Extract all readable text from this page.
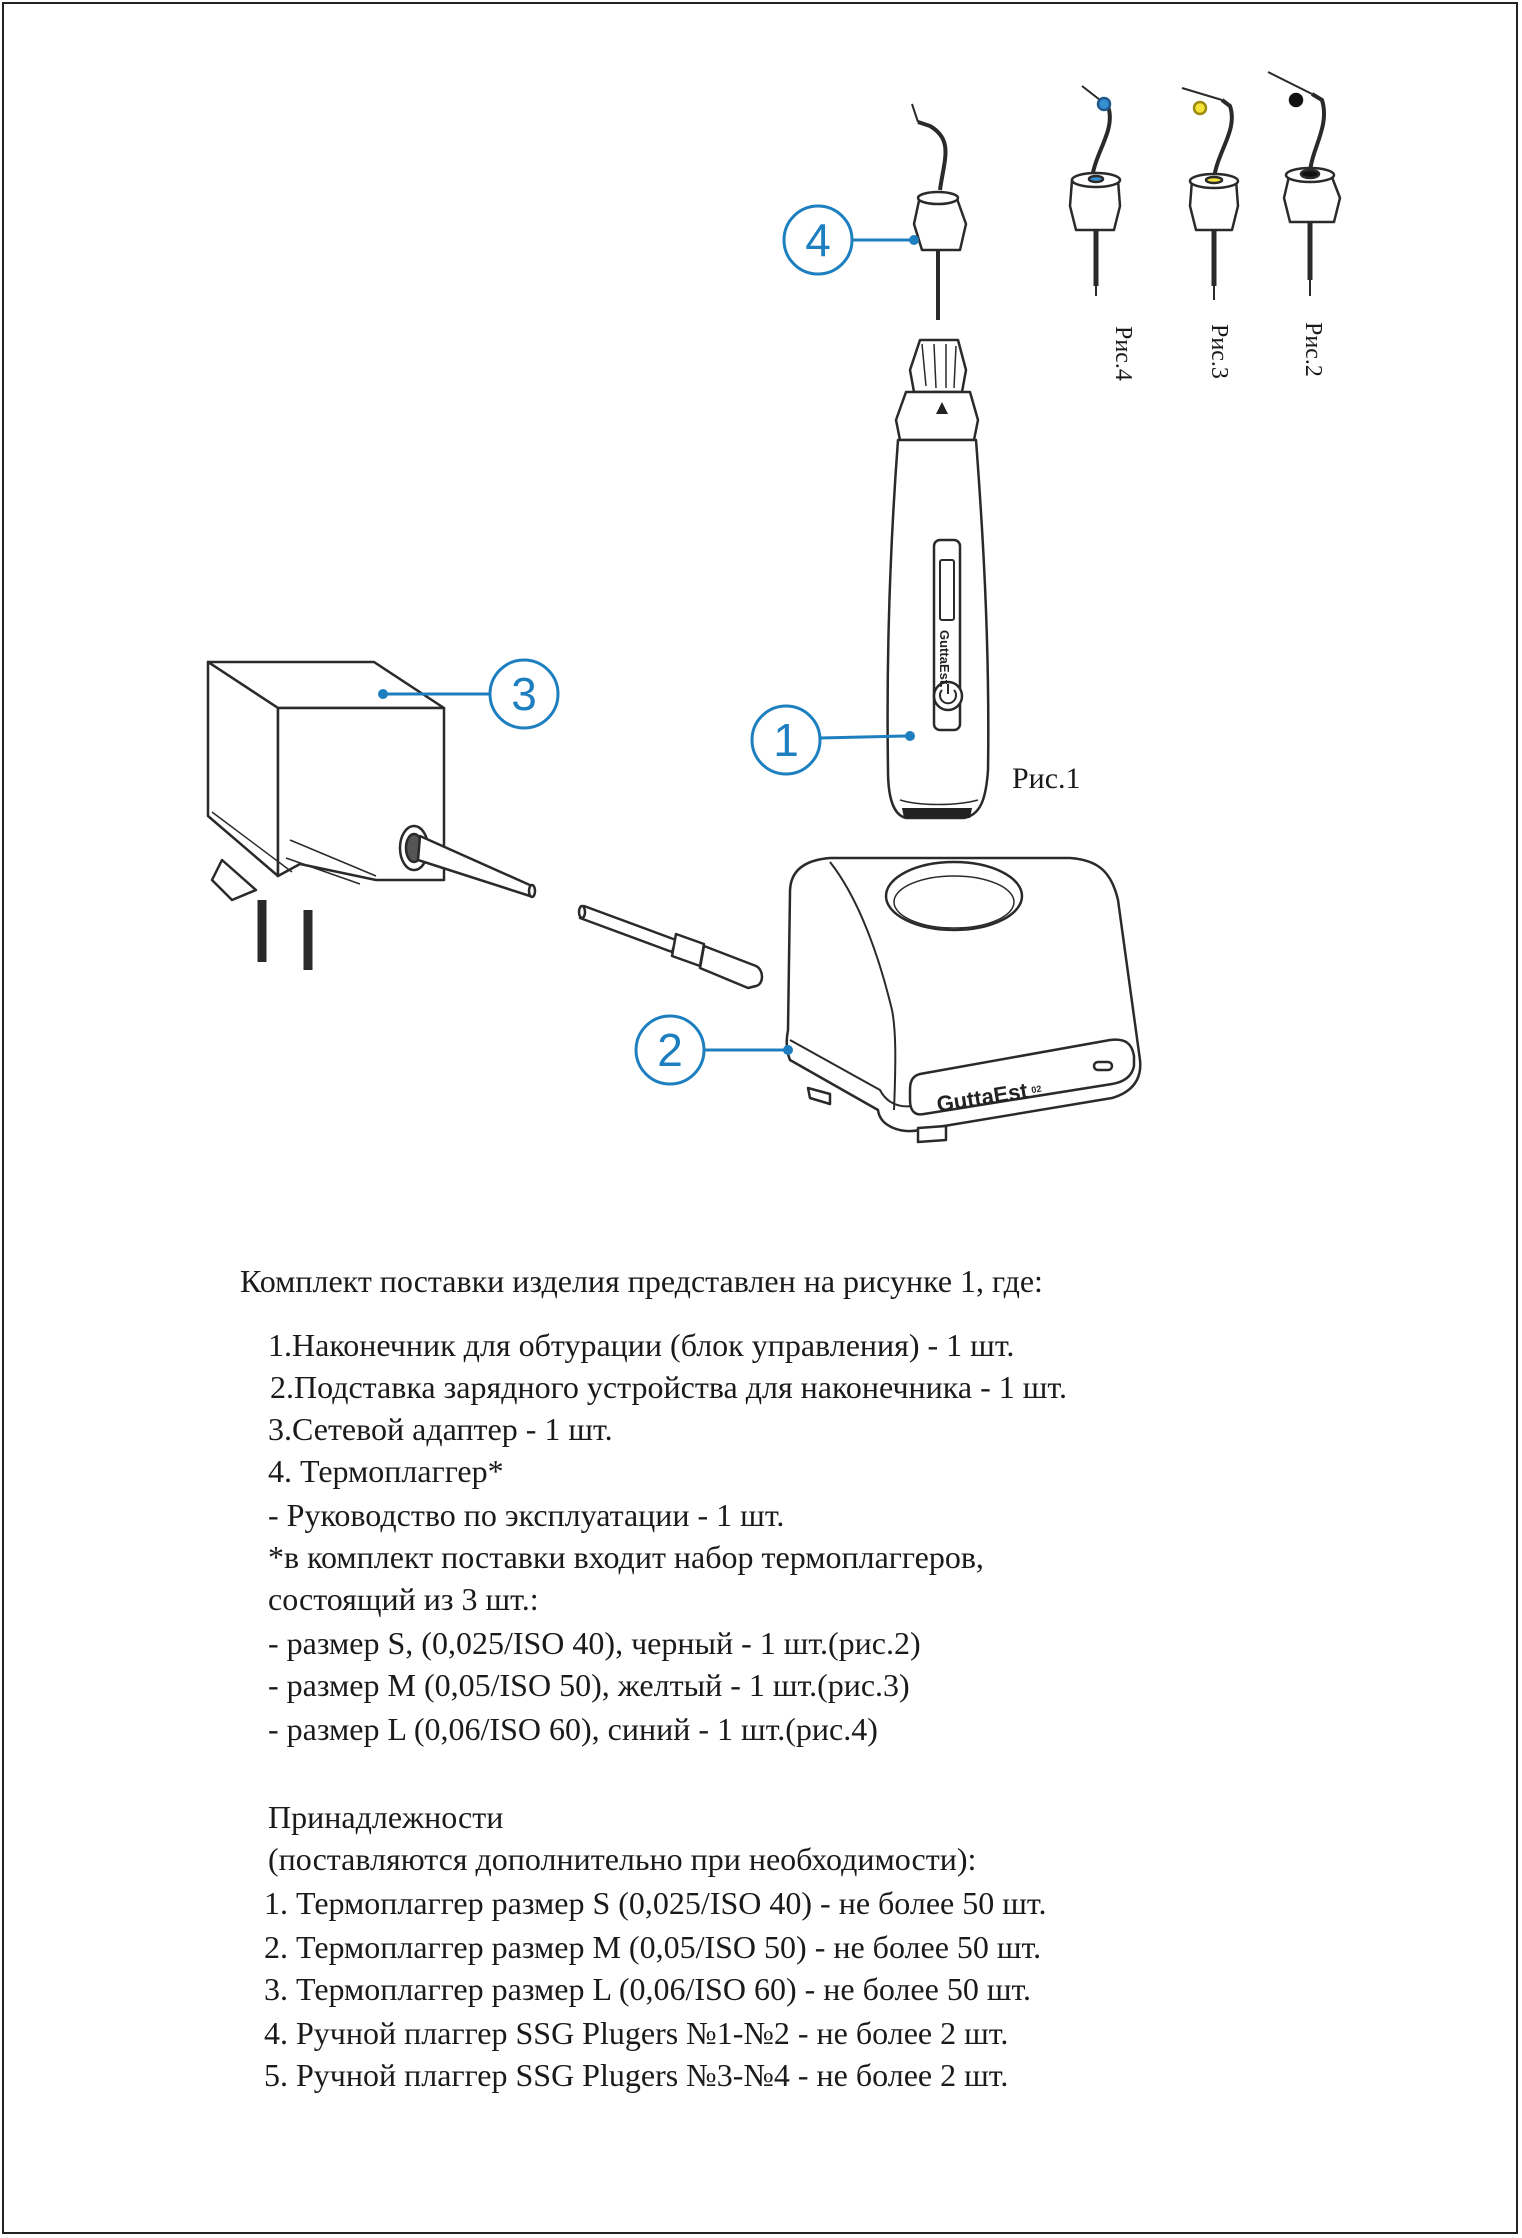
GuttaEst.
GuttaEst02
4
3
1
2
Рис.4	Рис.3	Рис.2
Рис.1
Комплект поставки изделия представлен на рисунке 1, где:
1.Наконечник для обтурации (блок управления) - 1 шт.
2.Подставка зарядного устройства для наконечника - 1 шт.
3.Сетевой адаптер - 1 шт.
4. Термоплаггер*
- Руководство по эксплуатации - 1 шт.
*в комплект поставки входит набор термоплаггеров,
состоящий из 3 шт.:
- размер S, (0,025/ISO 40), черный - 1 шт.(рис.2)
- размер M (0,05/ISO 50), желтый - 1 шт.(рис.3)
- размер L (0,06/ISO 60), синий - 1 шт.(рис.4)
Принадлежности
(поставляются дополнительно при необходимости):
1. Термоплаггер размер S (0,025/ISO 40) - не более 50 шт.
2. Термоплаггер размер M (0,05/ISO 50) - не более 50 шт.
3. Термоплаггер размер L (0,06/ISO 60) - не более 50 шт.
4. Ручной плаггер SSG Plugers №1-№2 - не более 2 шт.
5. Ручной плаггер SSG Plugers №3-№4 - не более 2 шт.
